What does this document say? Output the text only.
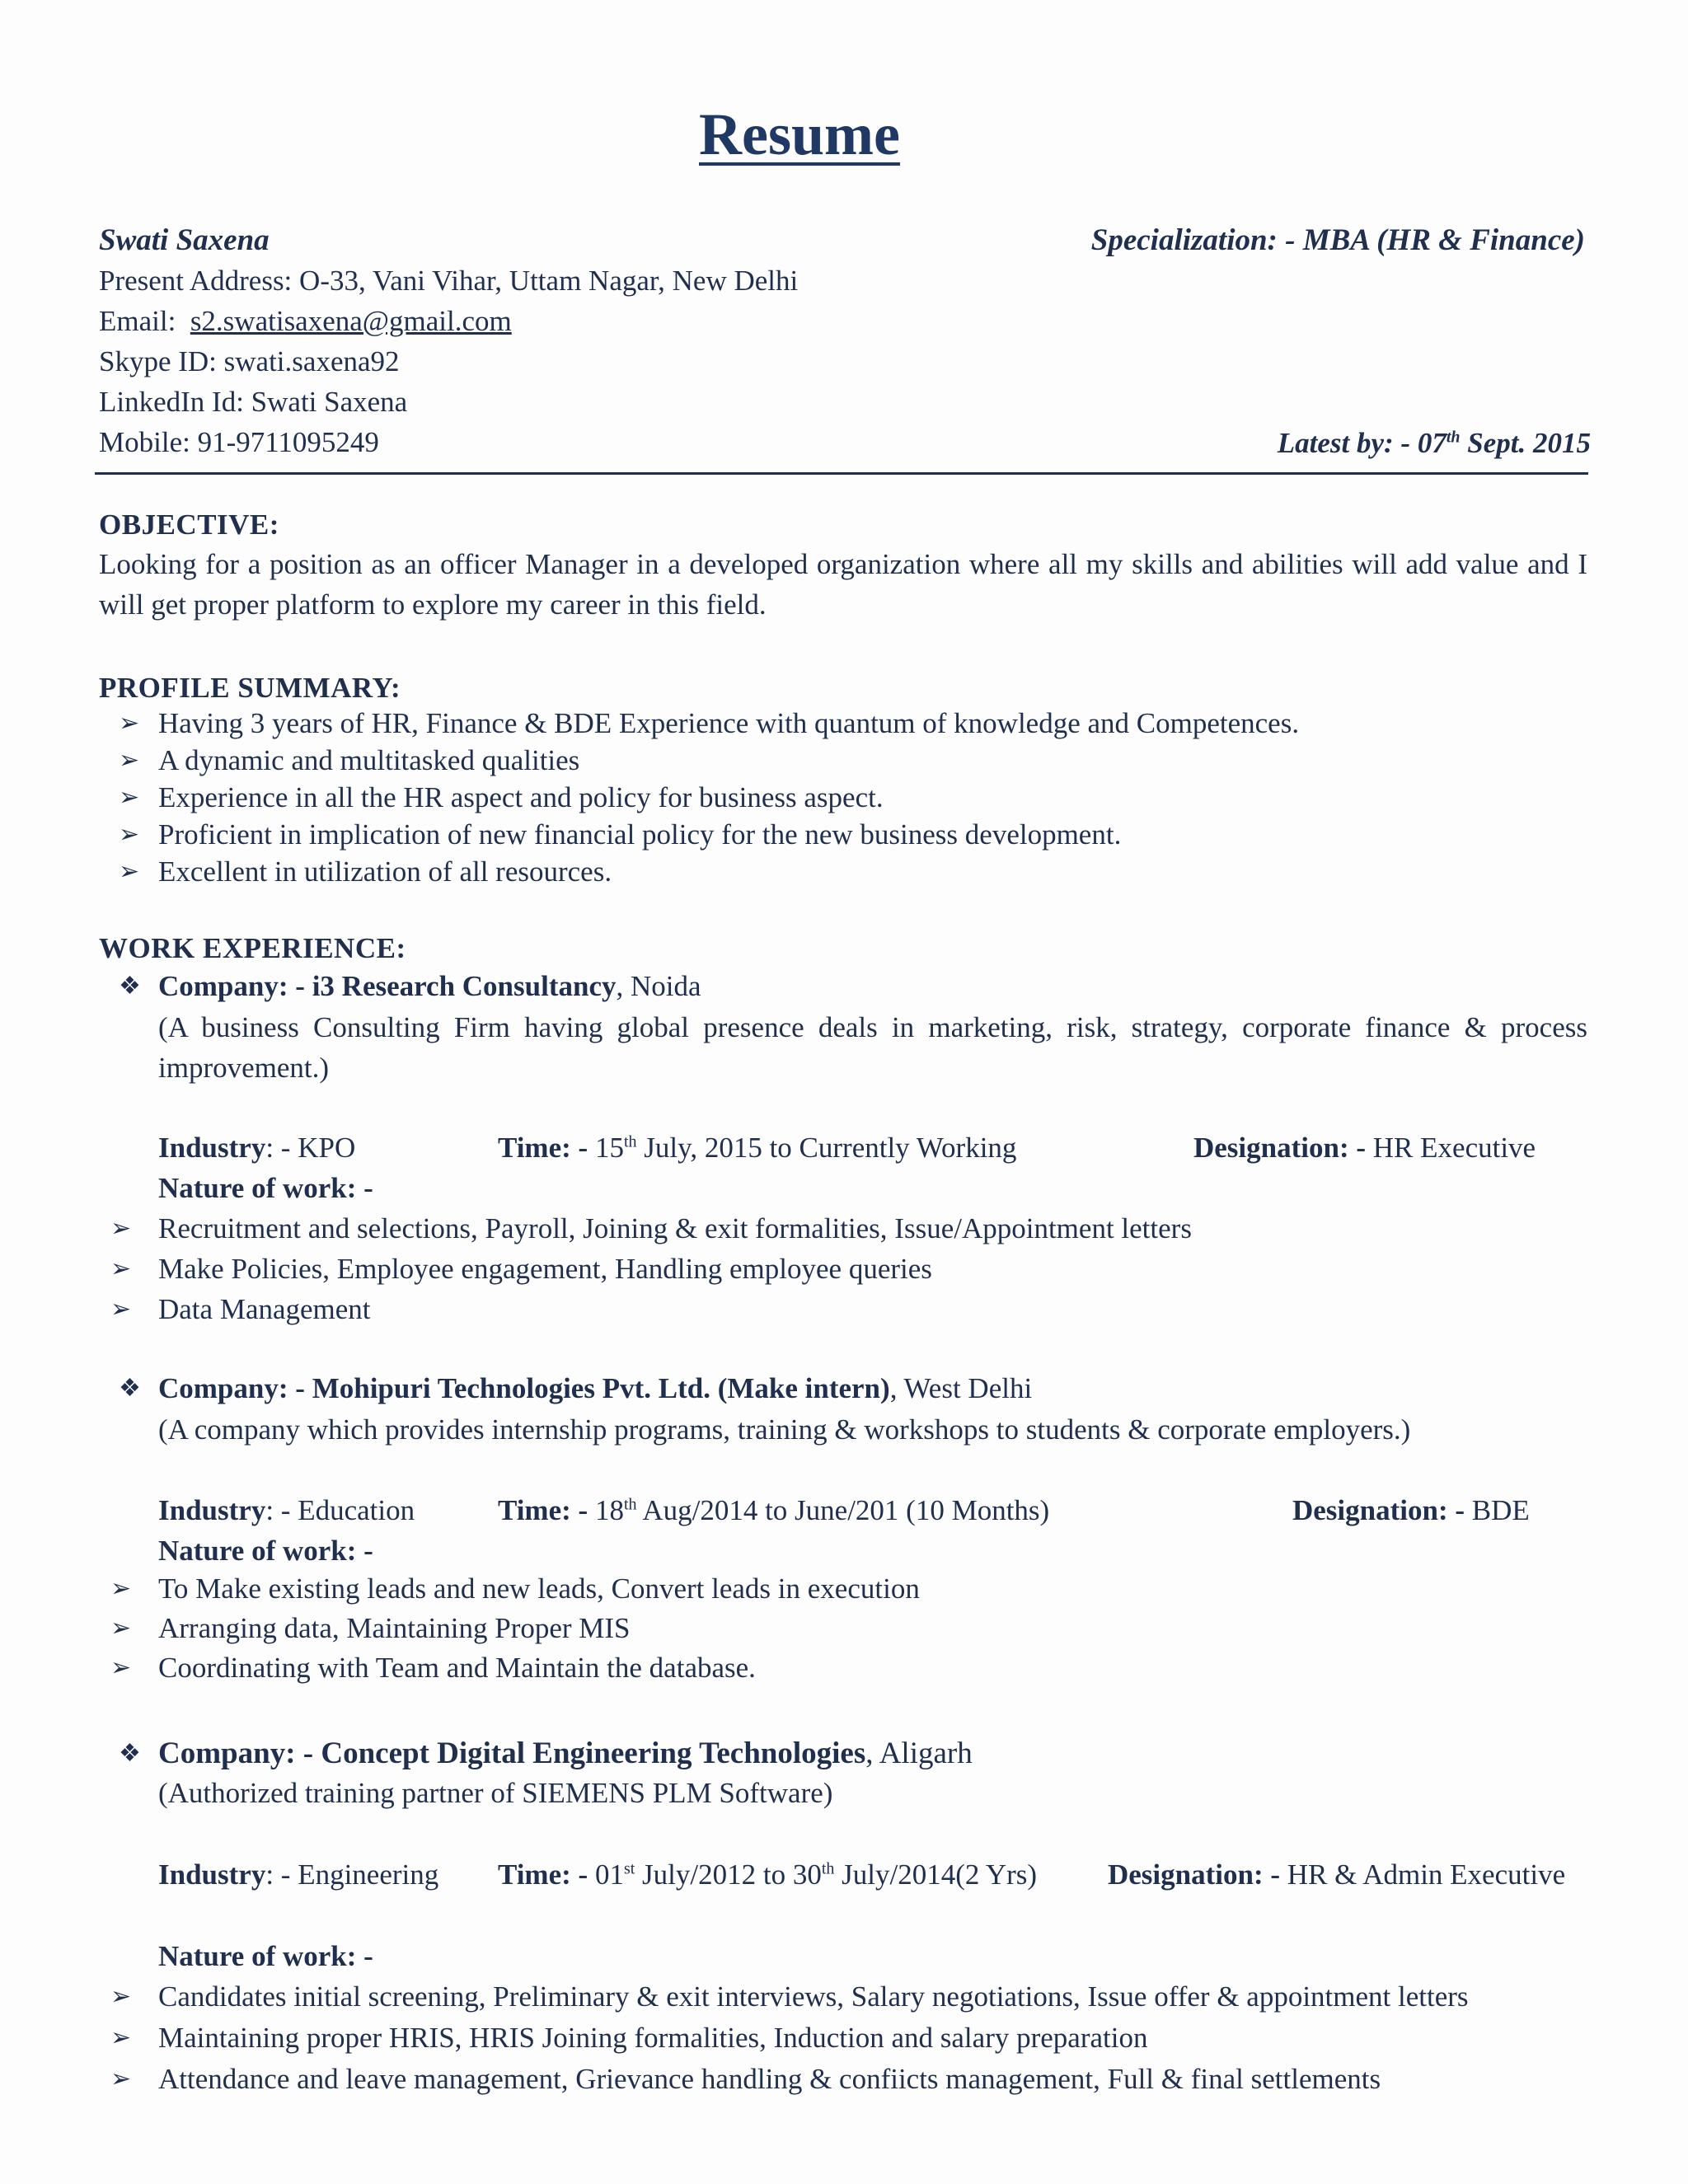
Resume
Swati Saxena	Specialization: - MBA (HR & Finance)
Present Address: O-33, Vani Vihar, Uttam Nagar, New Delhi
Email: s2.swatisaxena@gmail.com
Skype ID: swati.saxena92
LinkedIn Id: Swati Saxena
Mobile: 91-9711095249	Latest by: - 07th Sept. 2015
OBJECTIVE:
Looking for a position as an officer Manager in a developed organization where all my skills and abilities will add value and I will get proper platform to explore my career in this field.
PROFILE SUMMARY:
➢ Having 3 years of HR, Finance & BDE Experience with quantum of knowledge and Competences.
➢ A dynamic and multitasked qualities
➢ Experience in all the HR aspect and policy for business aspect.
➢ Proficient in implication of new financial policy for the new business development.
➢ Excellent in utilization of all resources.
WORK EXPERIENCE:
❖ Company: - i3 Research Consultancy, Noida
(A business Consulting Firm having global presence deals in marketing, risk, strategy, corporate finance & process improvement.)
Industry: - KPO	Time: - 15th July, 2015 to Currently Working	Designation: - HR Executive
Nature of work: -
➢ Recruitment and selections, Payroll, Joining & exit formalities, Issue/Appointment letters
➢ Make Policies, Employee engagement, Handling employee queries
➢ Data Management
❖ Company: - Mohipuri Technologies Pvt. Ltd. (Make intern), West Delhi
(A company which provides internship programs, training & workshops to students & corporate employers.)
Industry: - Education	Time: - 18th Aug/2014 to June/201 (10 Months)	Designation: - BDE
Nature of work: -
➢ To Make existing leads and new leads, Convert leads in execution
➢ Arranging data, Maintaining Proper MIS
➢ Coordinating with Team and Maintain the database.
❖ Company: - Concept Digital Engineering Technologies, Aligarh
(Authorized training partner of SIEMENS PLM Software)
Industry: - Engineering Time: - 01st July/2012 to 30th July/2014(2 Yrs) Designation: - HR & Admin Executive
Nature of work: -
➢ Candidates initial screening, Preliminary & exit interviews, Salary negotiations, Issue offer & appointment letters
➢ Maintaining proper HRIS, HRIS Joining formalities, Induction and salary preparation
➢ Attendance and leave management, Grievance handling & confiicts management, Full & final settlements
